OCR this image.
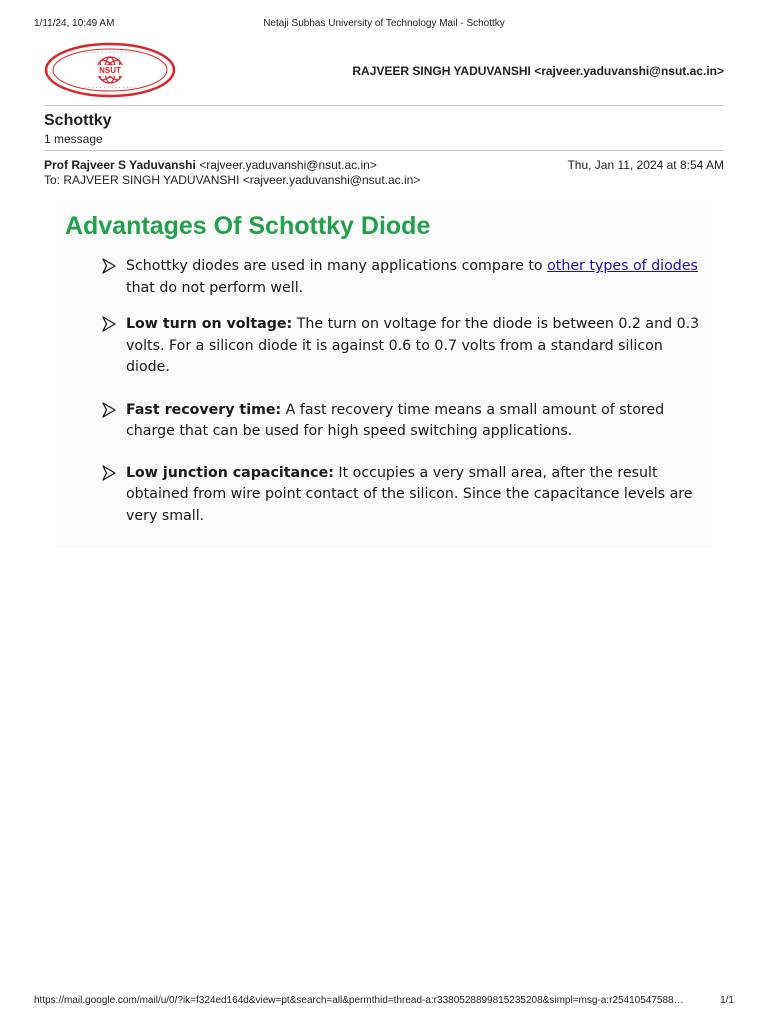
1/11/24, 10:49 AM	Netaji Subhas University of Technology Mail - Schottky
· · · · · · · · · · · · ·
· · · · · · · · · · · · · ·
NSUT	RAJVEER SINGH YADUVANSHI <rajveer.yaduvanshi@nsut.ac.in>
Schottky
1 message
Prof Rajveer S Yaduvanshi <rajveer.yaduvanshi@nsut.ac.in>	Thu, Jan 11, 2024 at 8:54 AM
To: RAJVEER SINGH YADUVANSHI <rajveer.yaduvanshi@nsut.ac.in>
Advantages Of Schottky Diode
Schottky diodes are used in many applications compare to other types of diodes that do not perform well.
Low turn on voltage: The turn on voltage for the diode is between 0.2 and 0.3 volts. For a silicon diode it is against 0.6 to 0.7 volts from a standard silicon diode.
Fast recovery time: A fast recovery time means a small amount of stored charge that can be used for high speed switching applications.
Low junction capacitance: It occupies a very small area, after the result obtained from wire point contact of the silicon. Since the capacitance levels are very small.
https://mail.google.com/mail/u/0/?ik=f324ed164d&view=pt&search=all&permthid=thread-a:r3380528899815235208&simpl=msg-a:r25410547588…	1/1
